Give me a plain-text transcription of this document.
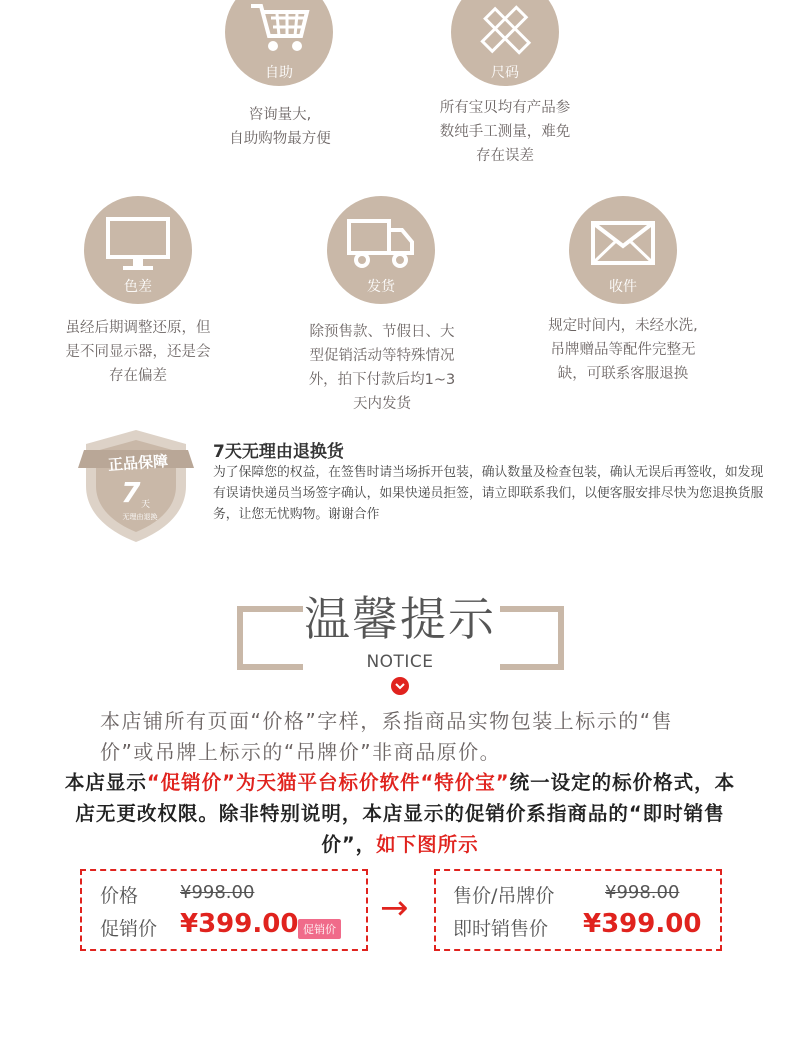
自助
咨询量大,
自助购物最方便
尺码
所有宝贝均有产品参
数纯手工测量，难免
存在误差
色差
虽经后期调整还原，但
是不同显示器，还是会
存在偏差
发货
除预售款、节假日、大
型促销活动等特殊情况
外，拍下付款后均1~3
天内发货
收件
规定时间内，未经水洗,
吊牌赠品等配件完整无
缺，可联系客服退换
正品保障
7 天
无理由退换
7天无理由退换货
为了保障您的权益，在签售时请当场拆开包装，确认数量及检查包装，确认无误后再签收，如发现有误请快递员当场签字确认，如果快递员拒签，请立即联系我们，以便客服安排尽快为您退换货服务，让您无忧购物。谢谢合作
温馨提示
NOTICE
本店铺所有页面“价格”字样，系指商品实物包装上标示的“售价”或吊牌上标示的“吊牌价”非商品原价。
本店显示“促销价”为天猫平台标价软件“特价宝”统一设定的标价格式，本店无更改权限。除非特别说明，本店显示的促销价系指商品的“即时销售价”，如下图所示
价格 ¥998.00
促销价 ¥399.00 促销价
→ 售价/吊牌价	¥998.00
即时销售价 ¥399.00
